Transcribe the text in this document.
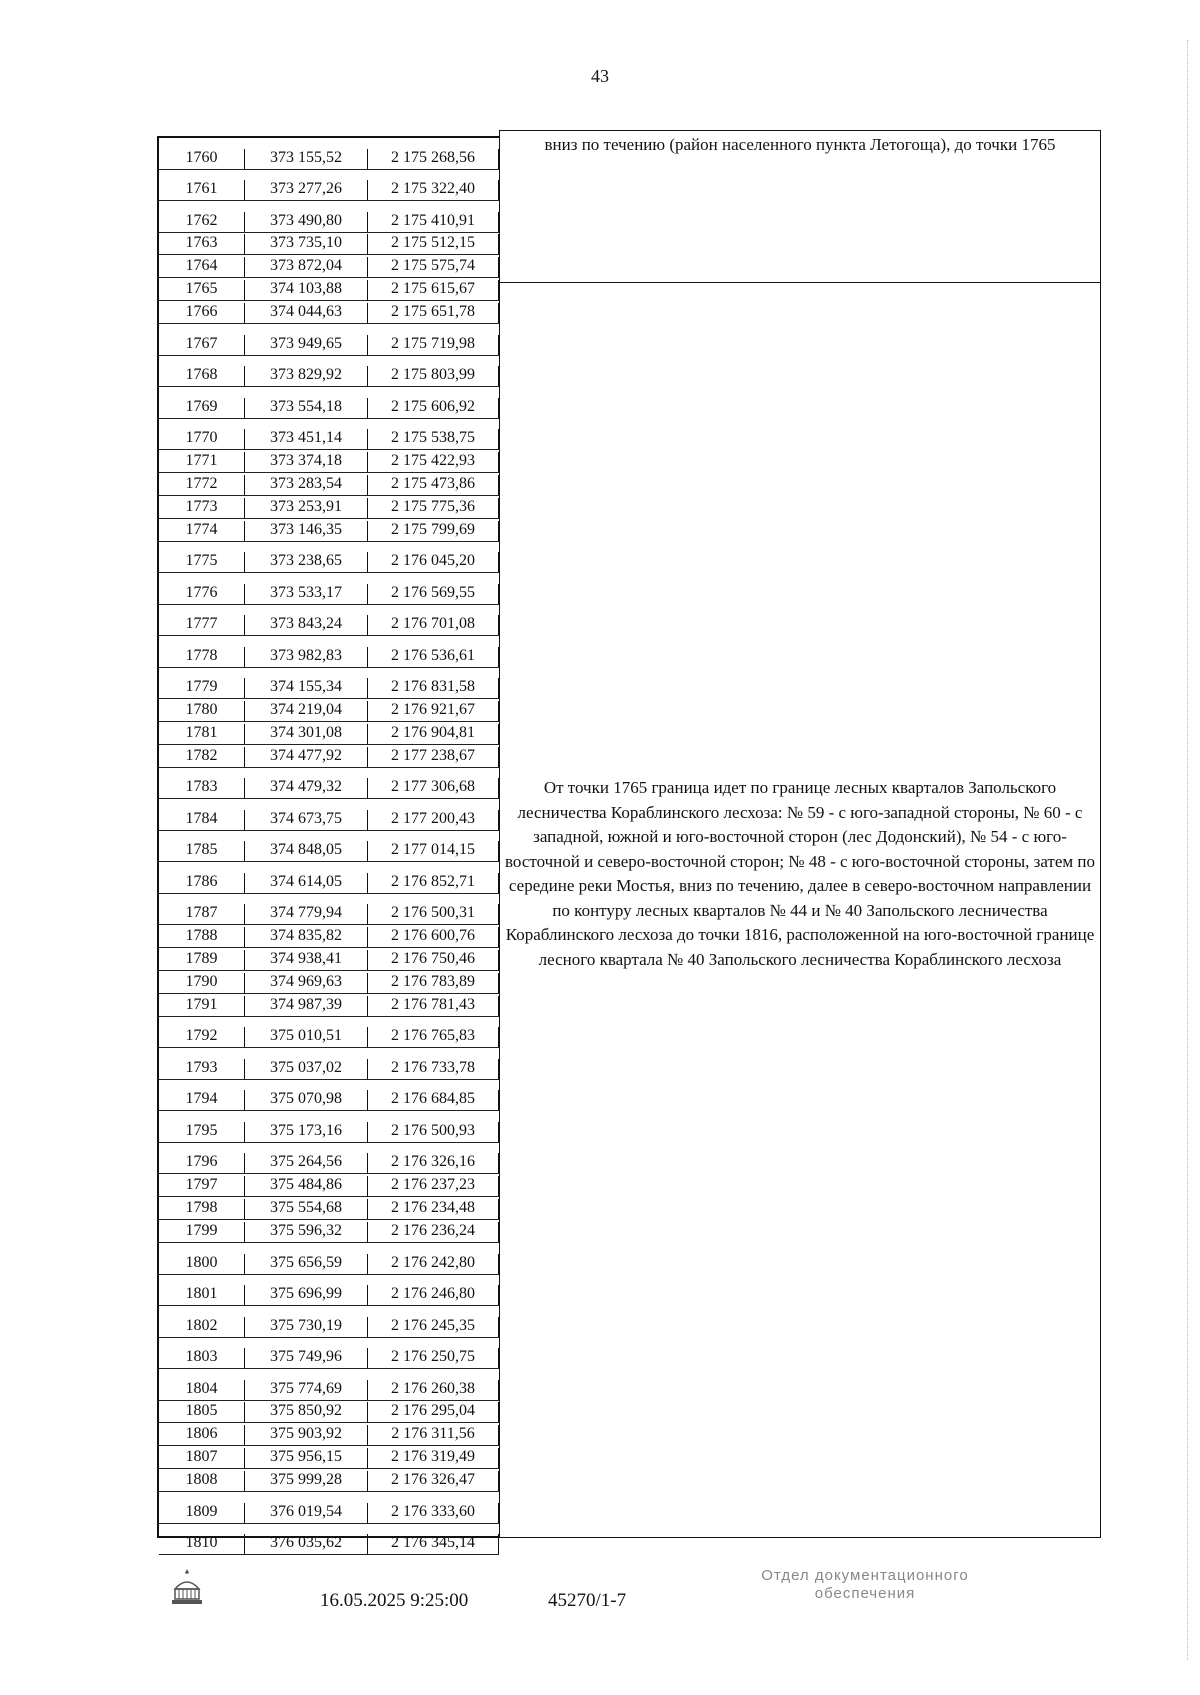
43
1760	373 155,52	2 175 268,56
1761	373 277,26	2 175 322,40
1762	373 490,80	2 175 410,91
1763	373 735,10	2 175 512,15
1764	373 872,04	2 175 575,74
1765	374 103,88	2 175 615,67
1766	374 044,63	2 175 651,78
1767	373 949,65	2 175 719,98
1768	373 829,92	2 175 803,99
1769	373 554,18	2 175 606,92
1770	373 451,14	2 175 538,75
1771	373 374,18	2 175 422,93
1772	373 283,54	2 175 473,86
1773	373 253,91	2 175 775,36
1774	373 146,35	2 175 799,69
1775	373 238,65	2 176 045,20
1776	373 533,17	2 176 569,55
1777	373 843,24	2 176 701,08
1778	373 982,83	2 176 536,61
1779	374 155,34	2 176 831,58
1780	374 219,04	2 176 921,67
1781	374 301,08	2 176 904,81
1782	374 477,92	2 177 238,67
1783	374 479,32	2 177 306,68
1784	374 673,75	2 177 200,43
1785	374 848,05	2 177 014,15
1786	374 614,05	2 176 852,71
1787	374 779,94	2 176 500,31
1788	374 835,82	2 176 600,76
1789	374 938,41	2 176 750,46
1790	374 969,63	2 176 783,89
1791	374 987,39	2 176 781,43
1792	375 010,51	2 176 765,83
1793	375 037,02	2 176 733,78
1794	375 070,98	2 176 684,85
1795	375 173,16	2 176 500,93
1796	375 264,56	2 176 326,16
1797	375 484,86	2 176 237,23
1798	375 554,68	2 176 234,48
1799	375 596,32	2 176 236,24
1800	375 656,59	2 176 242,80
1801	375 696,99	2 176 246,80
1802	375 730,19	2 176 245,35
1803	375 749,96	2 176 250,75
1804	375 774,69	2 176 260,38
1805	375 850,92	2 176 295,04
1806	375 903,92	2 176 311,56
1807	375 956,15	2 176 319,49
1808	375 999,28	2 176 326,47
1809	376 019,54	2 176 333,60
1810	376 035,62	2 176 345,14
вниз по течению (район населенного пункта Летогоща), до точки 1765
От точки 1765 граница идет по границе лесных кварталов Запольского лесничества Кораблинского лесхоза: № 59 - с юго-западной стороны, № 60 - с западной, южной и юго-восточной сторон (лес Додонский), № 54 - с юго-восточной и северо-восточной сторон; № 48 - с юго-восточной стороны, затем по середине реки Мостья, вниз по течению, далее в северо-восточном направлении по контуру лесных кварталов № 44 и № 40 Запольского лесничества Кораблинского лесхоза до точки 1816, расположенной на юго-восточной границе лесного квартала № 40 Запольского лесничества Кораблинского лесхоза
16.05.2025 9:25:00	45270/1-7
Отдел документационного
обеспечения
